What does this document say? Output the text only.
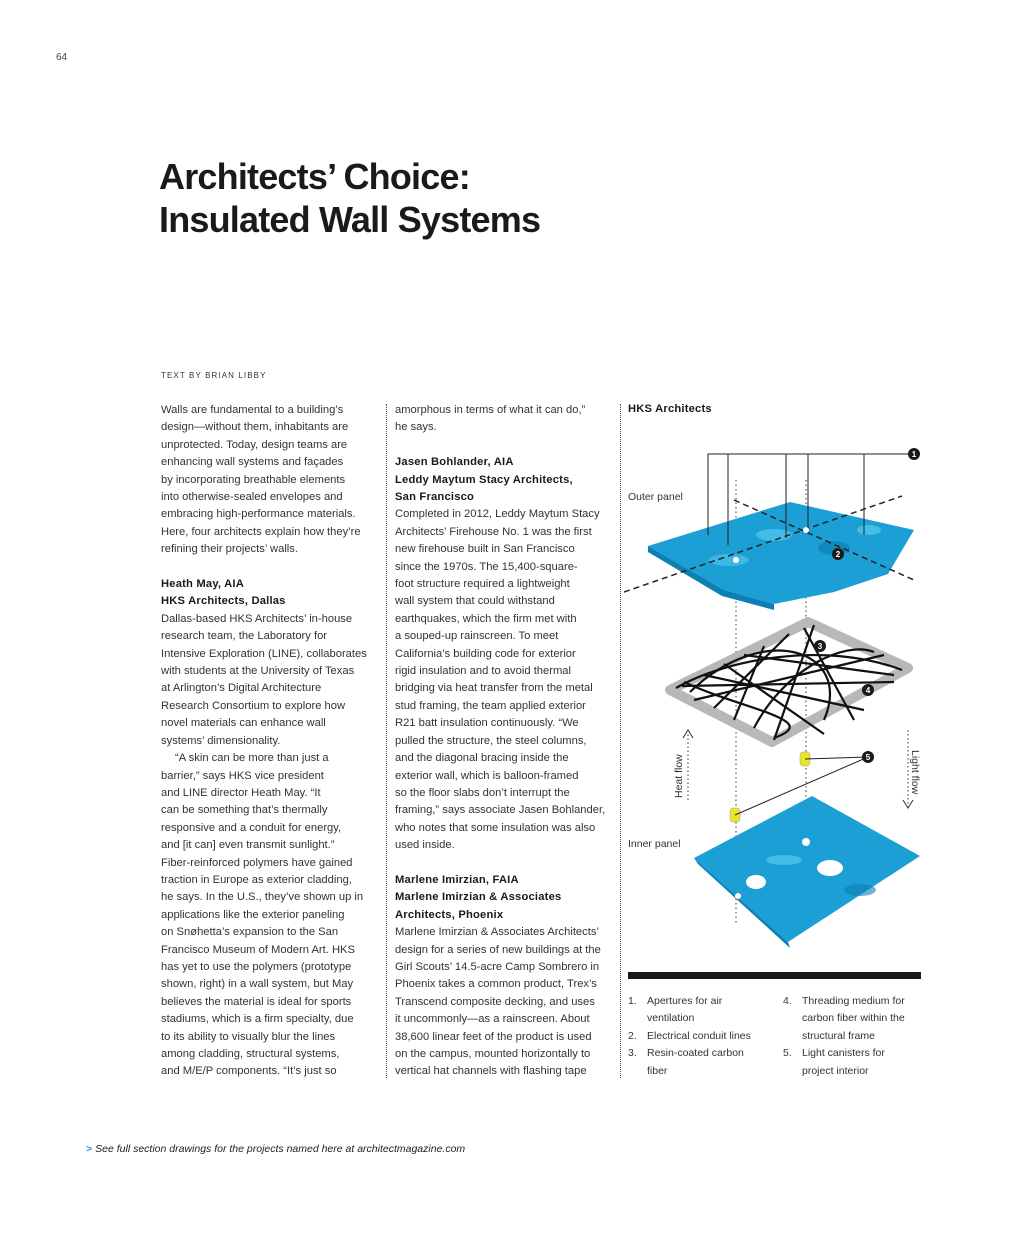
64
Architects’ Choice:
Insulated Wall Systems
TEXT BY BRIAN LIBBY

Walls are fundamental to a building’s

design—without them, inhabitants are

unprotected. Today, design teams are

enhancing wall systems and façades

by incorporating breathable elements

into otherwise-sealed envelopes and

embracing high-performance materials.

Here, four architects explain how they’re

refining their projects’ walls.

Heath May, AIA

HKS Architects, Dallas

Dallas-based HKS Architects’ in-house

research team, the Laboratory for

Intensive Exploration (LINE), collaborates

with students at the University of Texas

at Arlington’s Digital Architecture

Research Consortium to explore how

novel materials can enhance wall

systems’ dimensionality.

“A skin can be more than just a

barrier,” says HKS vice president

and LINE director Heath May. “It

can be something that’s thermally

responsive and a conduit for energy,

and [it can] even transmit sunlight.”

Fiber-reinforced polymers have gained

traction in Europe as exterior cladding,

he says. In the U.S., they’ve shown up in

applications like the exterior paneling

on Snøhetta’s expansion to the San

Francisco Museum of Modern Art. HKS

has yet to use the polymers (prototype

shown, right) in a wall system, but May

believes the material is ideal for sports

stadiums, which is a firm specialty, due

to its ability to visually blur the lines

among cladding, structural systems,

and M/E/P components. “It’s just so

amorphous in terms of what it can do,”

he says.

Jasen Bohlander, AIA

Leddy Maytum Stacy Architects,

San Francisco

Completed in 2012, Leddy Maytum Stacy

Architects’ Firehouse No. 1 was the first

new firehouse built in San Francisco

since the 1970s. The 15,400-square-

foot structure required a lightweight

wall system that could withstand

earthquakes, which the firm met with

a souped-up rainscreen. To meet

California’s building code for exterior

rigid insulation and to avoid thermal

bridging via heat transfer from the metal

stud framing, the team applied exterior

R21 batt insulation continuously. “We

pulled the structure, the steel columns,

and the diagonal bracing inside the

exterior wall, which is balloon-framed

so the floor slabs don’t interrupt the

framing,” says associate Jasen Bohlander,

who notes that some insulation was also

used inside.

Marlene Imirzian, FAIA

Marlene Imirzian & Associates

Architects, Phoenix

Marlene Imirzian & Associates Architects’

design for a series of new buildings at the

Girl Scouts’ 14.5-acre Camp Sombrero in

Phoenix takes a common product, Trex’s

Transcend composite decking, and uses

it uncommonly—as a rainscreen. About

38,600 linear feet of the product is used

on the campus, mounted horizontally to

vertical hat channels with flashing tape

HKS Architects
Outer panel
Inner panel
1
2
3
4
5
Heat flow	Light flow
1. Apertures for air
ventilation
2. Electrical conduit lines
3. Resin-coated carbon
fiber
4. Threading medium for
carbon fiber within the
structural frame
5. Light canisters for
project interior
> See full section drawings for the projects named here at architectmagazine.com
